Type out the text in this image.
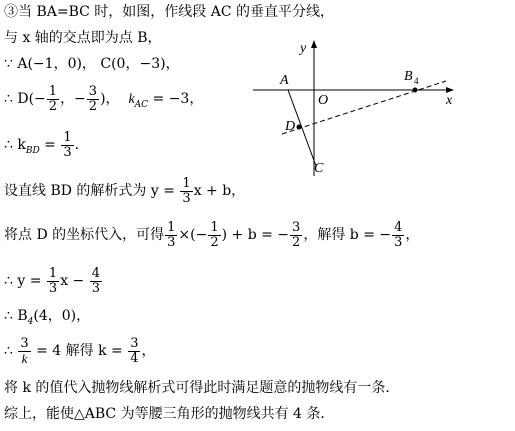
y
x
A
O
B 4
D
C
③当 BA=BC 时，如图，作线段 AC 的垂直平分线，
与 x 轴的交点即为点 B，
∵ A(−1，0)， C(0，−3)，
∴ $D(- \frac{1}{2}$ ，− $\frac{3}{2}$ )， $k_{AC} = -3$，
∴ $k_{BD} = \frac{1}{3}$ ．
设直线 BD 的解析式为 $y = \frac{1}{3}$ x + b，
将点 D 的坐标代入，可得 $\frac{1}{3}$ ×(− $\frac{1}{2}$ ) + b = − $\frac{3}{2}$ ，解得 b = − $\frac{4}{3}$ ，
∴ $y = \frac{1}{3}$ $x - \frac{4}{3}$
∴ $B_4(4$，0)，
∴ $\frac{3}{k} = 4$ 解得 $k = \frac{3}{4}$ ，
将 k 的值代入抛物线解析式可得此时满足题意的抛物线有一条．
综上，能使△ABC 为等腰三角形的抛物线共有 4 条．
